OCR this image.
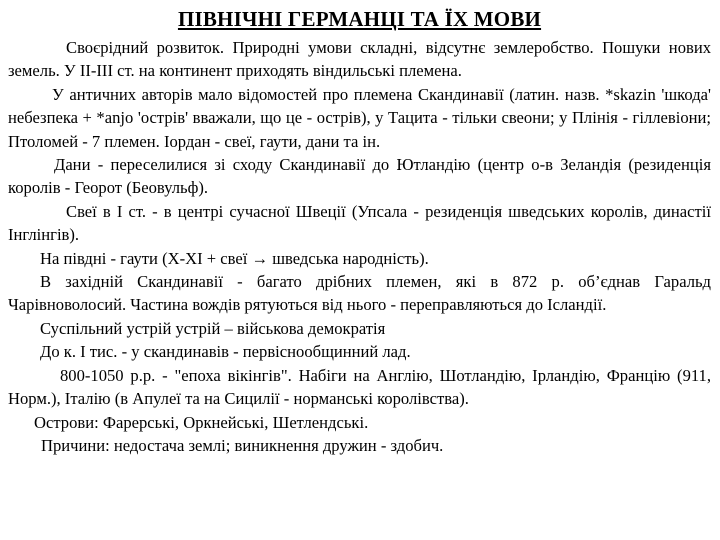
ПІВНІЧНІ ГЕРМАНЦІ ТА ЇХ МОВИ

Своєрідний розвиток. Природні умови складні, відсутнє землеробство. Пошуки нових земель. У II-III ст. на континент приходять віндильські племена.

У античних авторів мало відомостей про племена Скандинавії (латин. назв. *skazin 'шкода' небезпека + *anjo 'острів' вважали, що це - острів), у Тацита - тільки свеони; у Плінія - гіллевіони; Птоломей - 7 племен. Іордан - свеї, гаути, дани та ін.

Дани - переселилися зі сходу Скандинавії до Ютландію (центр о-в Зеландія (резиденція королів - Георот (Беовульф).

Свеї в I ст. - в центрі сучасної Швеції (Упсала - резиденція шведських королів, династії Інглінгів).

На півдні - гаути (X-XI + свеї → шведська народність).

В західній Скандинавії - багато дрібних племен, які в 872 р. об’єднав Гаральд Чарівноволосий. Частина вождів рятуються від нього - переправляються до Ісландії.

Суспільний устрій устрій – військова демократія

До к. I тис. - у скандинавів - первіснообщинний лад.

800-1050 р.р. - "епоха вікінгів". Набіги на Англію, Шотландію, Ірландію, Францію (911, Норм.), Італію (в Апулеї та на Сицилії - норманські королівства).

Острови: Фарерські, Оркнейські, Шетлендські.

Причини: недостача землі; виникнення дружин - здобич.
